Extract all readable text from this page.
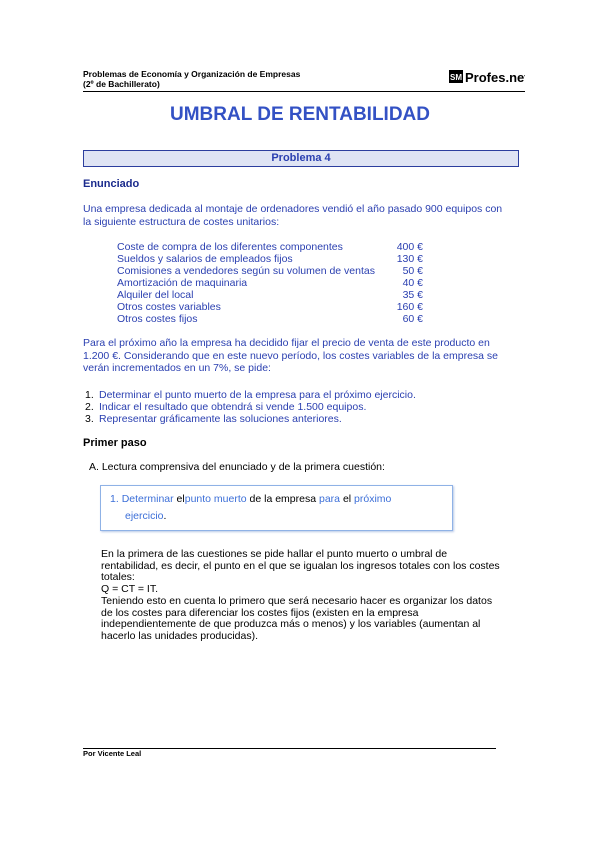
Problemas de Economía y Organización de Empresas
(2º de Bachillerato)
SM Profes.net
UMBRAL DE RENTABILIDAD
Problema 4
Enunciado
Una empresa dedicada al montaje de ordenadores vendió el año pasado 900 equipos con
la siguiente estructura de costes unitarios:
Coste de compra de los diferentes componentes	400 €
Sueldos y salarios de empleados fijos	130 €
Comisiones a vendedores según su volumen de ventas	50 €
Amortización de maquinaria	40 €
Alquiler del local	35 €
Otros costes variables	160 €
Otros costes fijos	60 €
Para el próximo año la empresa ha decidido fijar el precio de venta de este producto en
1.200 €. Considerando que en este nuevo período, los costes variables de la empresa se
verán incrementados en un 7%, se pide:
1. Determinar el punto muerto de la empresa para el próximo ejercicio.
2. Indicar el resultado que obtendrá si vende 1.500 equipos.
3. Representar gráficamente las soluciones anteriores.
Primer paso
A. Lectura comprensiva del enunciado y de la primera cuestión:
1. Determinar elpunto muerto de la empresa para el próximo
ejercicio.
En la primera de las cuestiones se pide hallar el punto muerto o umbral de
rentabilidad, es decir, el punto en el que se igualan los ingresos totales con los costes
totales:
Q = CT = IT.
Teniendo esto en cuenta lo primero que será necesario hacer es organizar los datos
de los costes para diferenciar los costes fijos (existen en la empresa
independientemente de que produzca más o menos) y los variables (aumentan al
hacerlo las unidades producidas).
Por Vicente Leal
